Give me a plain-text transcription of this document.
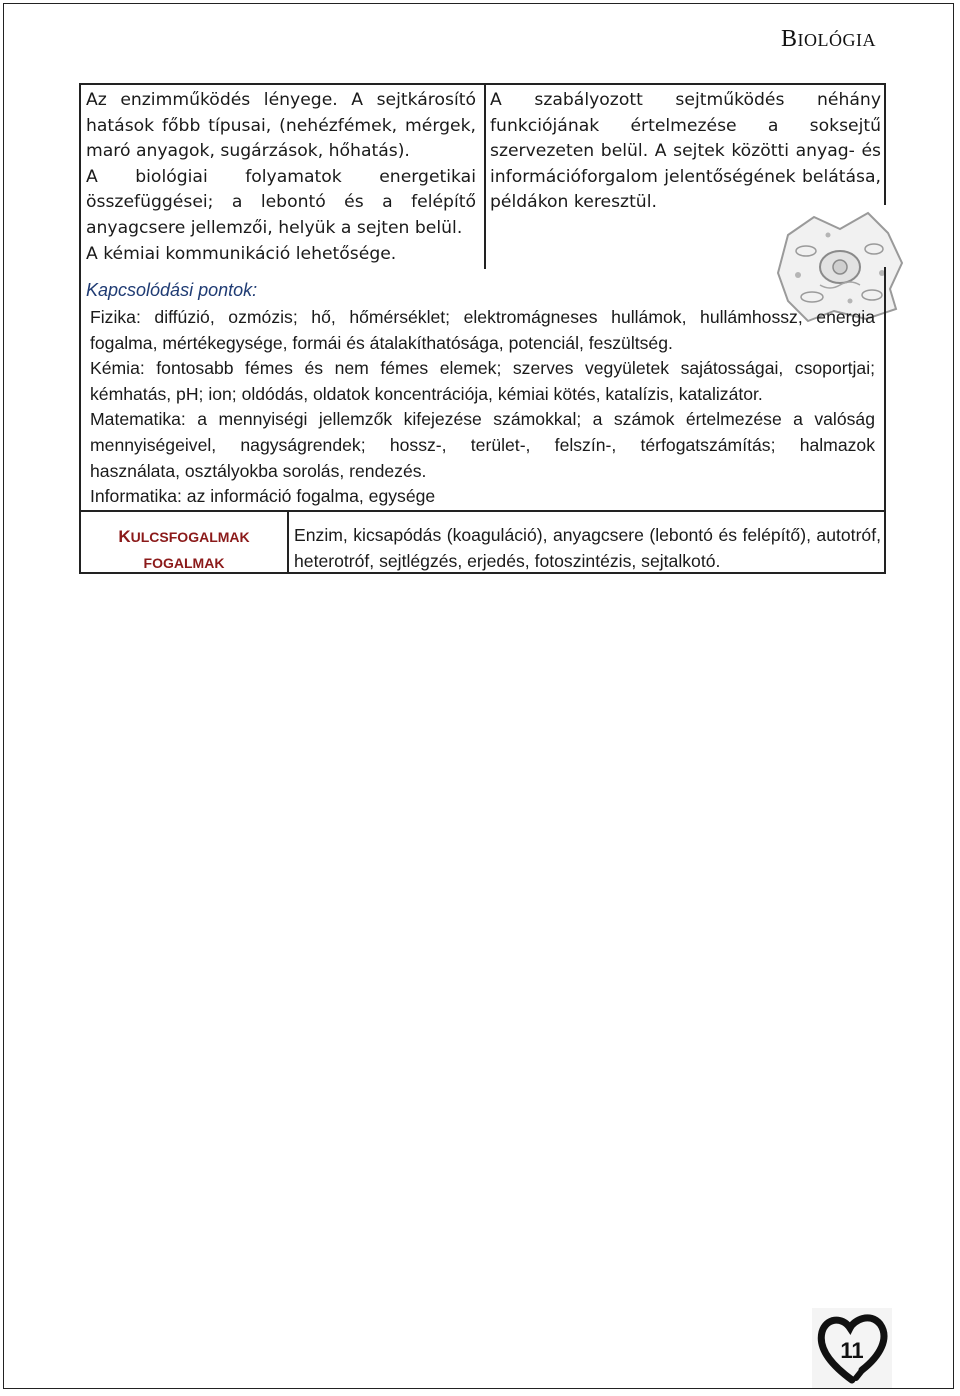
BIOLÓGIA

Az enzimműködés lényege. A sejtkárosító hatások főbb típusai, (nehézfémek, mérgek, maró anyagok, sugárzások, hőhatás).

A biológiai folyamatok energetikai összefüggései; a lebontó és a felépítő anyagcsere jellemzői, helyük a sejten belül.

A kémiai kommunikáció lehetősége.

A szabályozott sejtműködés néhány funkciójának értelmezése a soksejtű szervezeten belül. A sejtek közötti anyag- és információforgalom jelentőségének belátása, példákon keresztül.

Kapcsolódási pontok:

Fizika: diffúzió, ozmózis; hő, hőmérséklet; elektromágneses hullámok, hullámhossz, energia

fogalma, mértékegysége, formái és átalakíthatósága, potenciál, feszültség.

Kémia: fontosabb fémes és nem fémes elemek; szerves vegyületek sajátosságai, csoportjai;

kémhatás, pH; ion; oldódás, oldatok koncentrációja, kémiai kötés, katalízis, katalizátor.

Matematika: a mennyiségi jellemzők kifejezése számokkal; a számok értelmezése a valóság

mennyiségeivel, nagyságrendek; hossz-, terület-, felszín-, térfogatszámítás; halmazok

használata, osztályokba sorolás, rendezés.

Informatika: az információ fogalma, egysége

KULCSFOGALMAK
FOGALMAK
Enzim, kicsapódás (koaguláció), anyagcsere (lebontó és felépítő), autotróf, heterotróf, sejtlégzés, erjedés, fotoszintézis, sejtalkotó.
11
